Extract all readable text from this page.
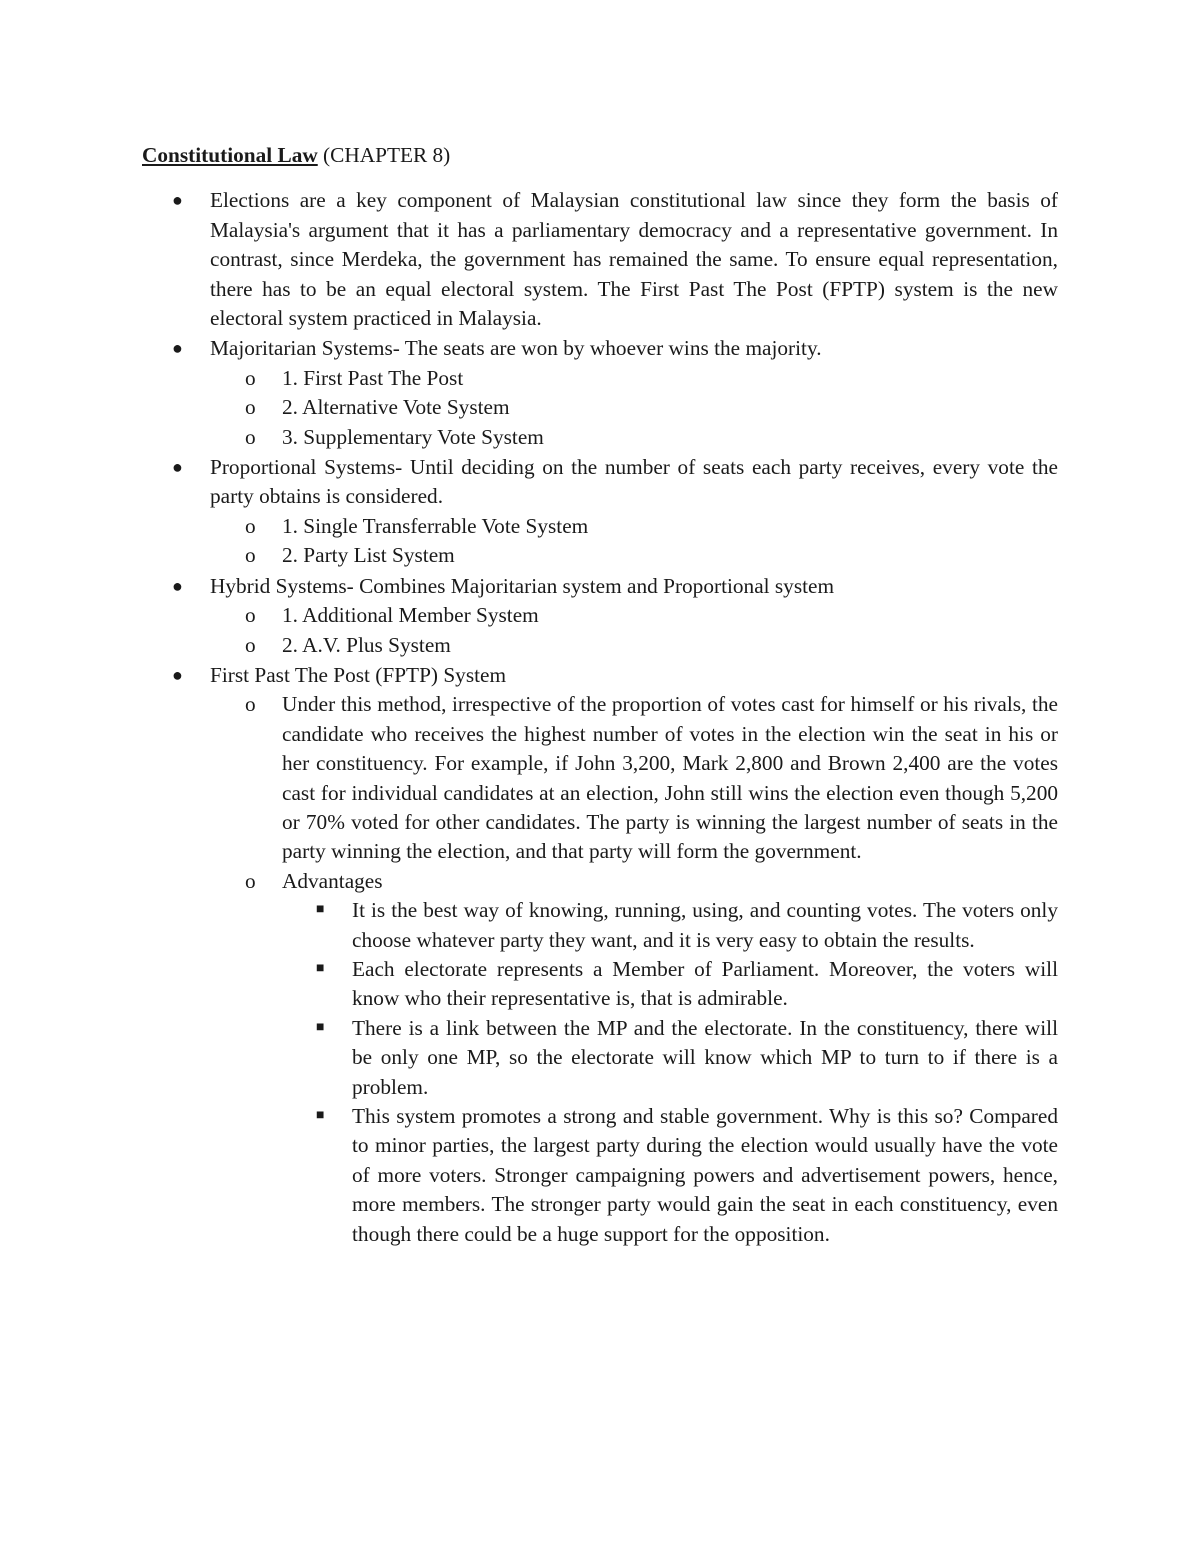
Constitutional Law (CHAPTER 8)
● Elections are a key component of Malaysian constitutional law since they form the basis of Malaysia's argument that it has a parliamentary democracy and a representative government. In contrast, since Merdeka, the government has remained the same. To ensure equal representation, there has to be an equal electoral system. The First Past The Post (FPTP) system is the new electoral system practiced in Malaysia.
● Majoritarian Systems- The seats are won by whoever wins the majority.
o 1. First Past The Post
o 2. Alternative Vote System
o 3. Supplementary Vote System
● Proportional Systems- Until deciding on the number of seats each party receives, every vote the party obtains is considered.
o 1. Single Transferrable Vote System
o 2. Party List System
● Hybrid Systems- Combines Majoritarian system and Proportional system
o 1. Additional Member System
o 2. A.V. Plus System
● First Past The Post (FPTP) System
o Under this method, irrespective of the proportion of votes cast for himself or his rivals, the candidate who receives the highest number of votes in the election win the seat in his or her constituency. For example, if John 3,200, Mark 2,800 and Brown 2,400 are the votes cast for individual candidates at an election, John still wins the election even though 5,200 or 70% voted for other candidates. The party is winning the largest number of seats in the party winning the election, and that party will form the government.
o Advantages
■ It is the best way of knowing, running, using, and counting votes. The voters only choose whatever party they want, and it is very easy to obtain the results.
■ Each electorate represents a Member of Parliament. Moreover, the voters will know who their representative is, that is admirable.
■ There is a link between the MP and the electorate. In the constituency, there will be only one MP, so the electorate will know which MP to turn to if there is a problem.
■ This system promotes a strong and stable government. Why is this so? Compared to minor parties, the largest party during the election would usually have the vote of more voters. Stronger campaigning powers and advertisement powers, hence, more members. The stronger party would gain the seat in each constituency, even though there could be a huge support for the opposition.
